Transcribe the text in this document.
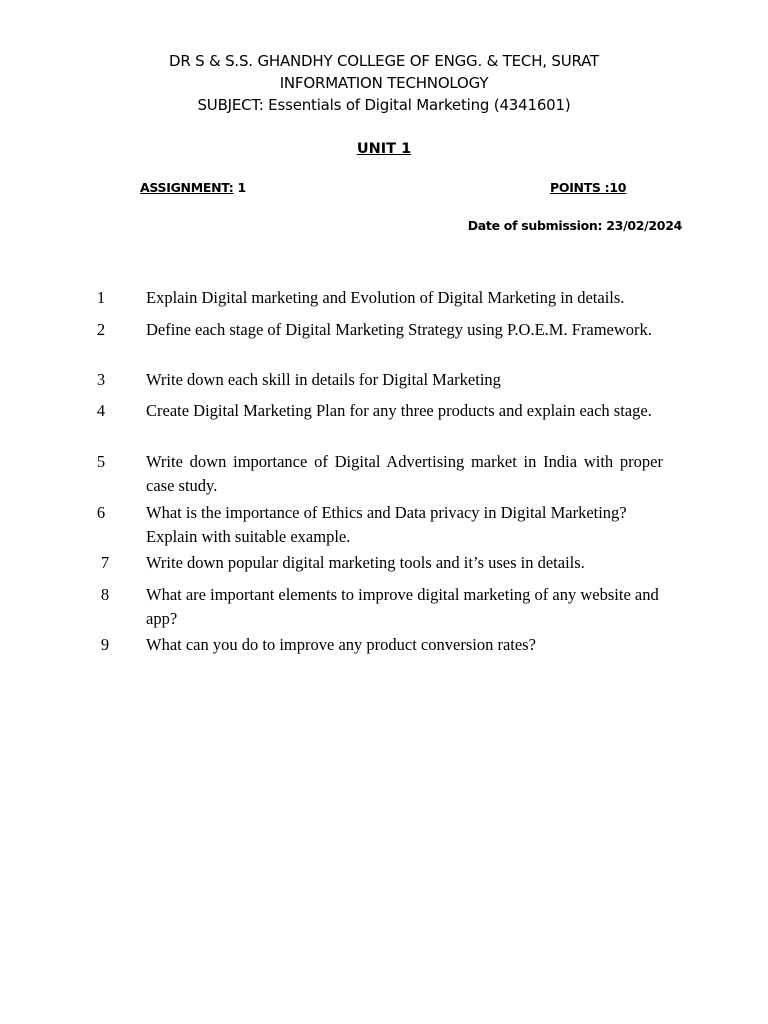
DR S & S.S. GHANDHY COLLEGE OF ENGG. & TECH, SURAT
INFORMATION TECHNOLOGY
SUBJECT: Essentials of Digital Marketing (4341601)
UNIT 1
ASSIGNMENT: 1	POINTS :10
Date of submission: 23/02/2024
1	Explain Digital marketing and Evolution of Digital Marketing in details.
2	Define each stage of Digital Marketing Strategy using P.O.E.M. Framework.
3	Write down each skill in details for Digital Marketing
4	Create Digital Marketing Plan for any three products and explain each stage.
5	Write down importance of Digital Advertising market in India with proper case study.
6	What is the importance of Ethics and Data privacy in Digital Marketing? Explain with suitable example.
7	Write down popular digital marketing tools and it’s uses in details.
8	What are important elements to improve digital marketing of any website and app?
9	What can you do to improve any product conversion rates?
